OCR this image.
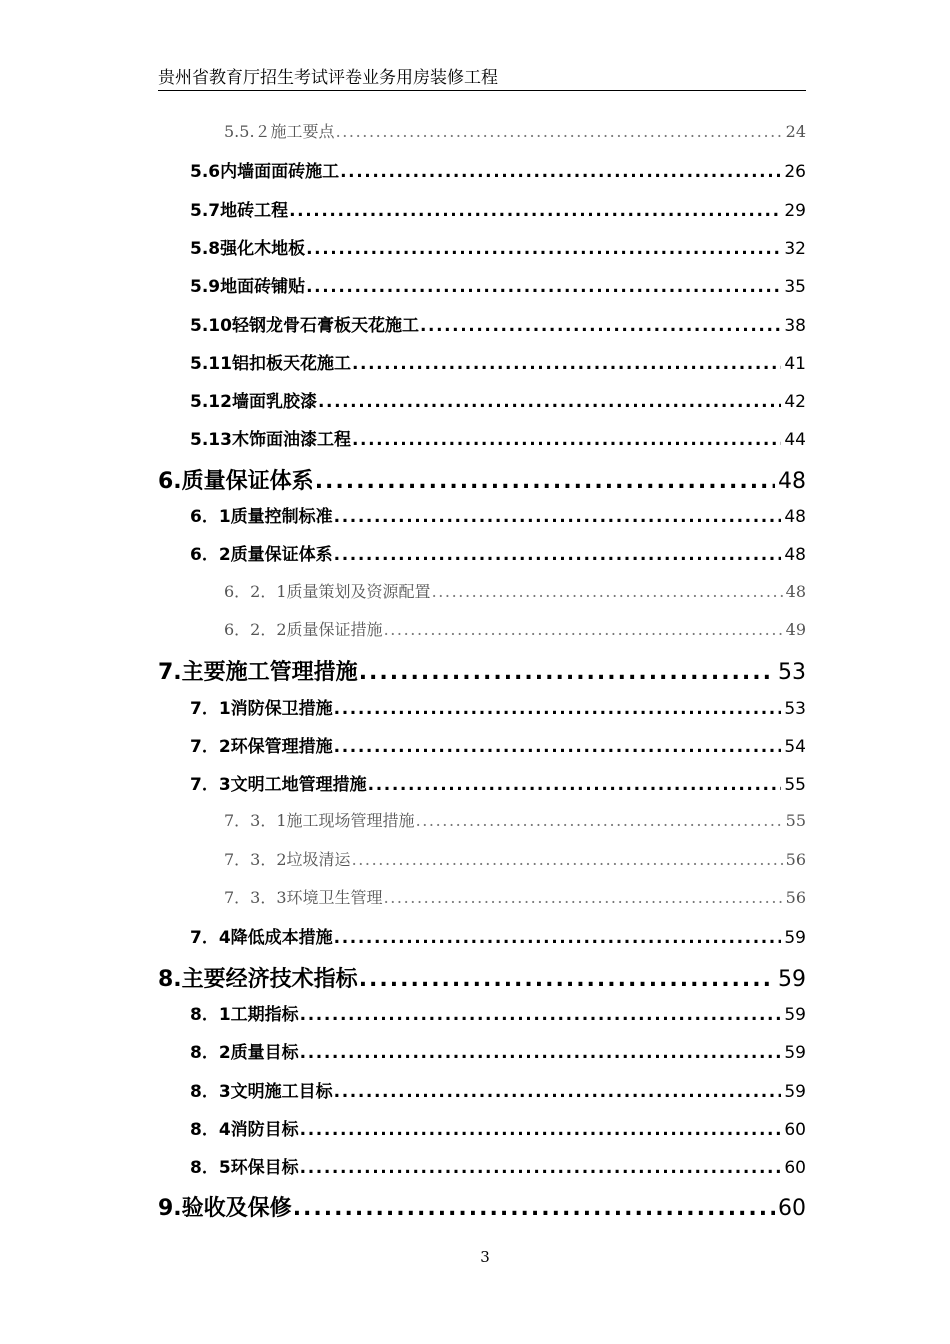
贵州省教育厅招生考试评卷业务用房装修工程
5.5.２ 施工要点 .....	24
5.6 内墙面面砖施工 .....	26
5.7 地砖工程 .....	29
5.8 强化木地板 .....	32
5.9 地面砖铺贴 .....	35
5.10 轻钢龙骨石膏板天花施工 .....	38
5.11 铝扣板天花施工 .....	41
5.12 墙面乳胶漆 .....	42
5.13 木饰面油漆工程 .....	44
6. 质量保证体系 .....	48
6．1 质量控制标准 .....	48
6．2 质量保证体系 .....	48
6．2．1 质量策划及资源配置 .....	48
6．2．2 质量保证措施 .....	49
7. 主要施工管理措施 .....	53
7．1 消防保卫措施 .....	53
7．2 环保管理措施 .....	54
7．3 文明工地管理措施 .....	55
7．3．1 施工现场管理措施 .....	55
7．3．2 垃圾清运 .....	56
7．3．3 环境卫生管理 .....	56
7．4 降低成本措施 .....	59
8. 主要经济技术指标 .....	59
8．1 工期指标 .....	59
8．2 质量目标 .....	59
8．3 文明施工目标 .....	59
8．4 消防目标 .....	60
8．5 环保目标 .....	60
9. 验收及保修 .....	60
3
